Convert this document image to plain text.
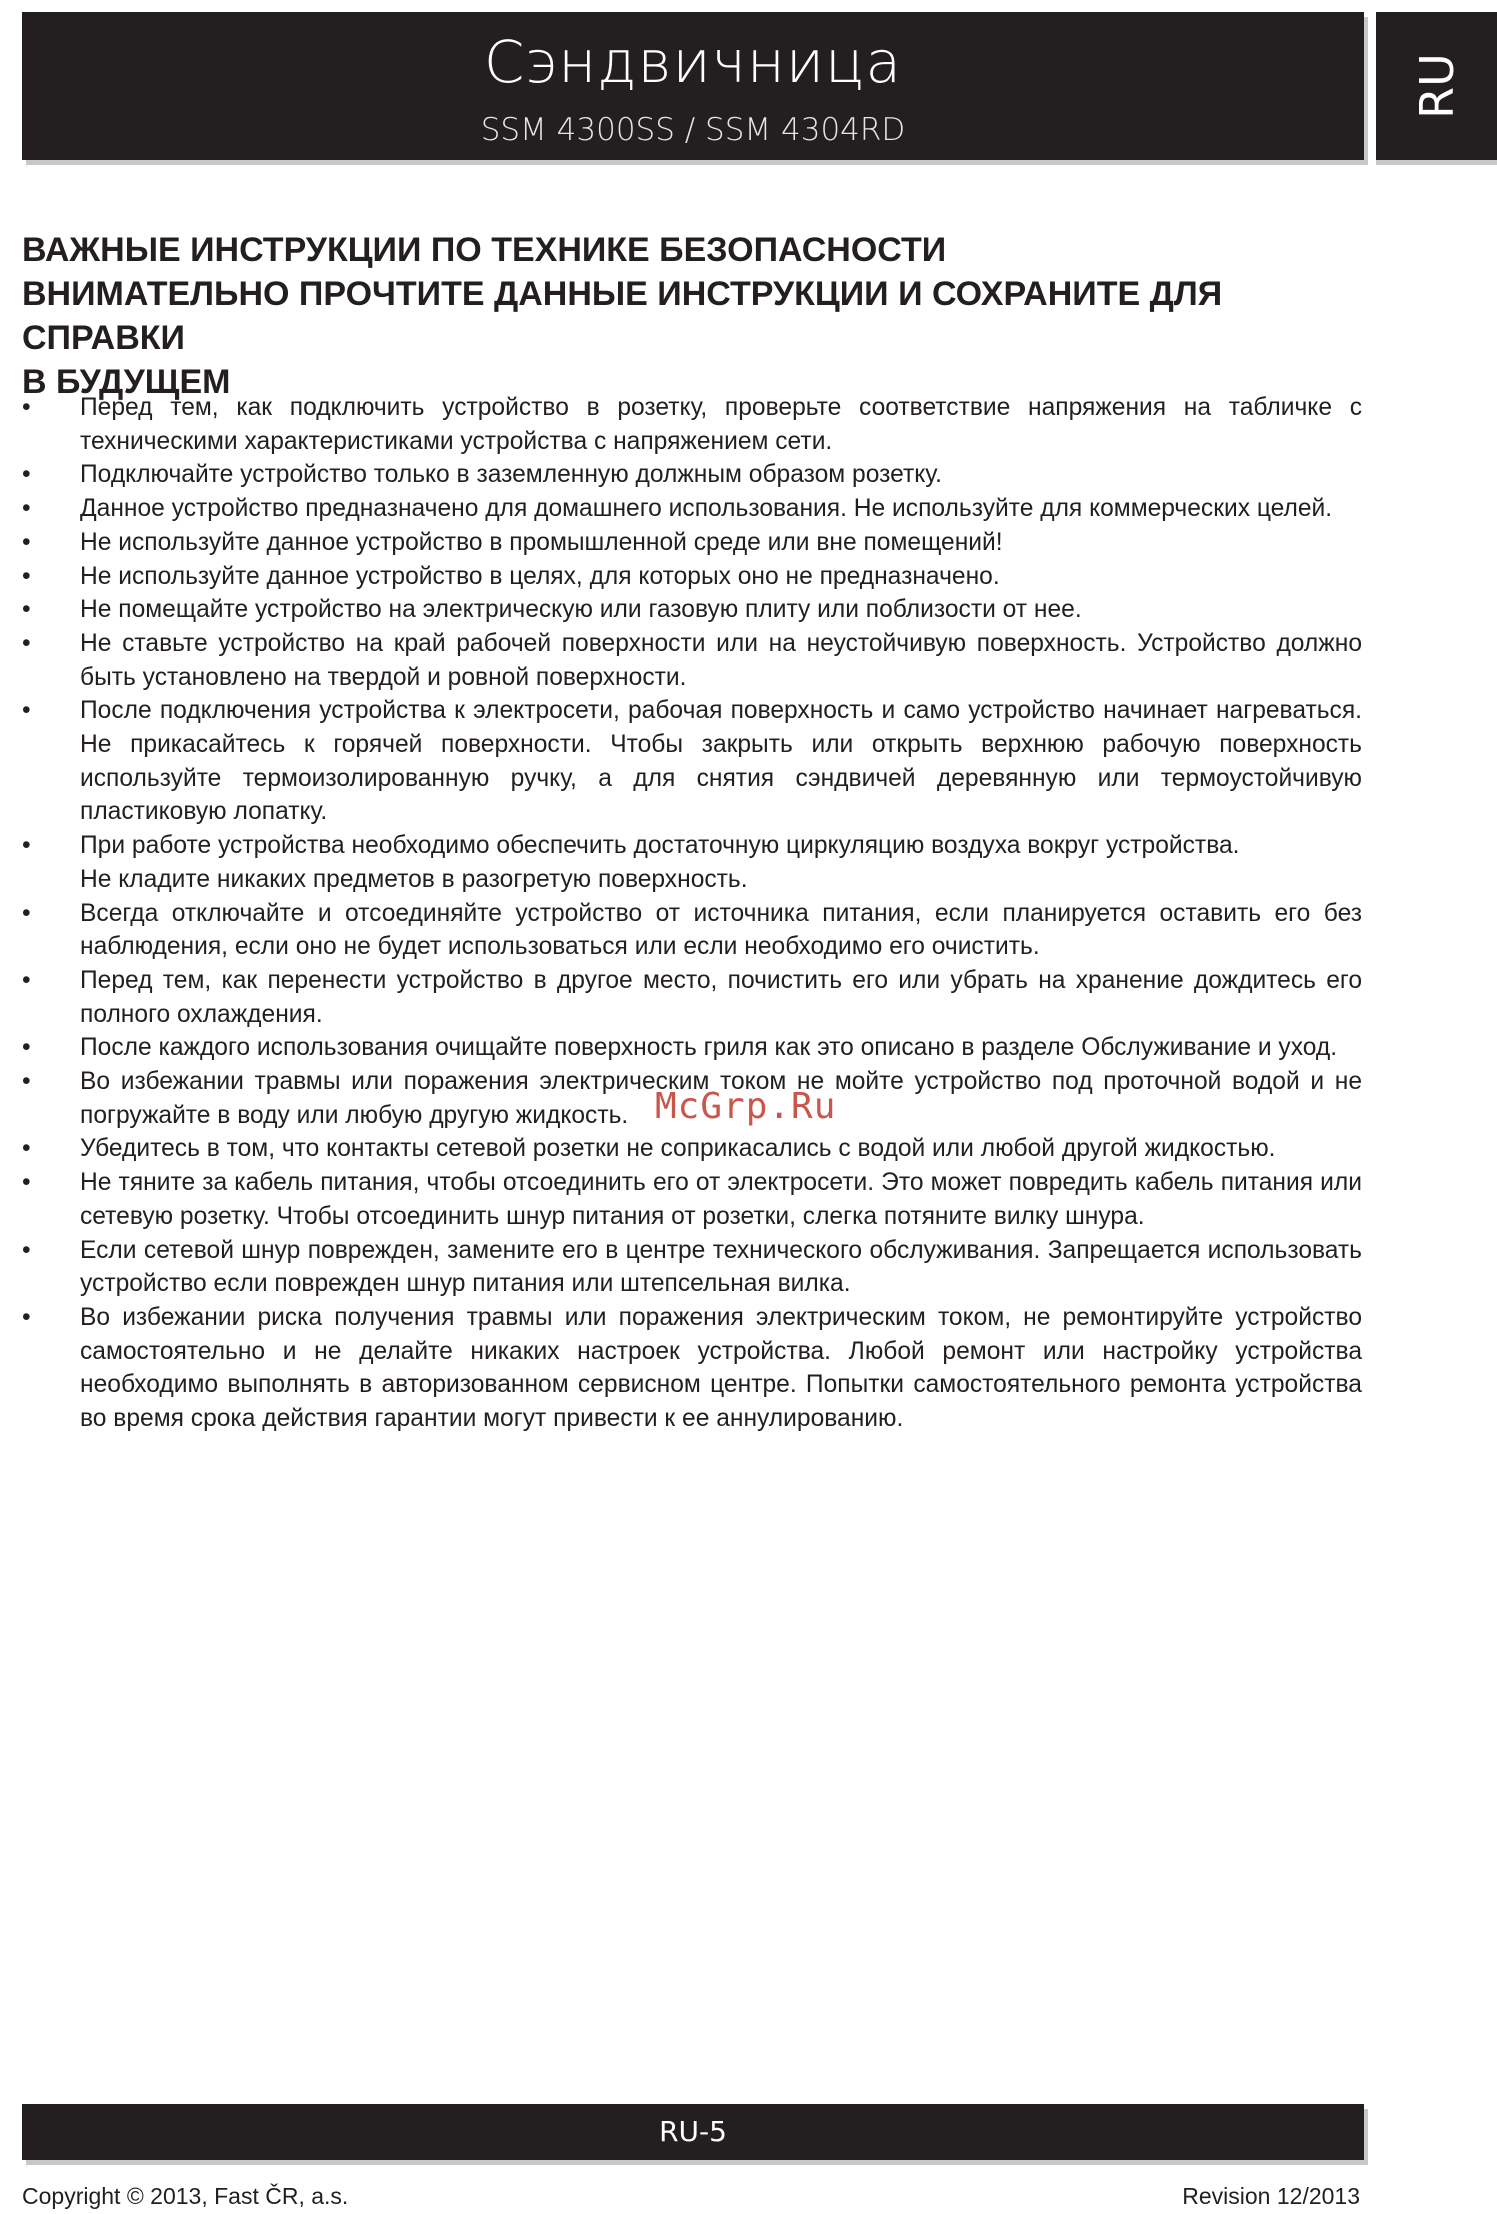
Сэндвичница
SSM 4300SS / SSM 4304RD
RU
ВАЖНЫЕ ИНСТРУКЦИИ ПО ТЕХНИКЕ БЕЗОПАСНОСТИ
ВНИМАТЕЛЬНО ПРОЧТИТЕ ДАННЫЕ ИНСТРУКЦИИ И СОХРАНИТЕ ДЛЯ СПРАВКИ
В БУДУЩЕМ
• Перед тем, как подключить устройство в розетку, проверьте соответствие напряжения на табличке с техническими характеристиками устройства с напряжением сети.
• Подключайте устройство только в заземленную должным образом розетку.
• Данное устройство предназначено для домашнего использования. Не используйте для коммерческих целей.
• Не используйте данное устройство в промышленной среде или вне помещений!
• Не используйте данное устройство в целях, для которых оно не предназначено.
• Не помещайте устройство на электрическую или газовую плиту или поблизости от нее.
• Не ставьте устройство на край рабочей поверхности или на неустойчивую поверхность. Устройство должно быть установлено на твердой и ровной поверхности.
• После подключения устройства к электросети, рабочая поверхность и само устройство начинает нагреваться. Не прикасайтесь к горячей поверхности. Чтобы закрыть или открыть верхнюю рабочую поверхность используйте термоизолированную ручку, а для снятия сэндвичей деревянную или термоустойчивую пластиковую лопатку.
• При работе устройства необходимо обеспечить достаточную циркуляцию воздуха вокруг устройства.
Не кладите никаких предметов в разогретую поверхность.
• Всегда отключайте и отсоединяйте устройство от источника питания, если планируется оставить его без наблюдения, если оно не будет использоваться или если необходимо его очистить.
• Перед тем, как перенести устройство в другое место, почистить его или убрать на хранение дождитесь его полного охлаждения.
• После каждого использования очищайте поверхность гриля как это описано в разделе Обслуживание и уход.
• Во избежании травмы или поражения электрическим током не мойте устройство под проточной водой и не погружайте в воду или любую другую жидкость.
• Убедитесь в том, что контакты сетевой розетки не соприкасались с водой или любой другой жидкостью.
• Не тяните за кабель питания, чтобы отсоединить его от электросети. Это может повредить кабель питания или сетевую розетку. Чтобы отсоединить шнур питания от розетки, слегка потяните вилку шнура.
• Если сетевой шнур поврежден, замените его в центре технического обслуживания. Запрещается использовать устройство если поврежден шнур питания или штепсельная вилка.
• Во избежании риска получения травмы или поражения электрическим током, не ремонтируйте устройство самостоятельно и не делайте никаких настроек устройства. Любой ремонт или настройку устройства необходимо выполнять в авторизованном сервисном центре. Попытки самостоятельного ремонта устройства во время срока действия гарантии могут привести к ее аннулированию.
McGrp.Ru
RU-5
Copyright © 2013, Fast ČR, a.s.	Revision 12/2013
